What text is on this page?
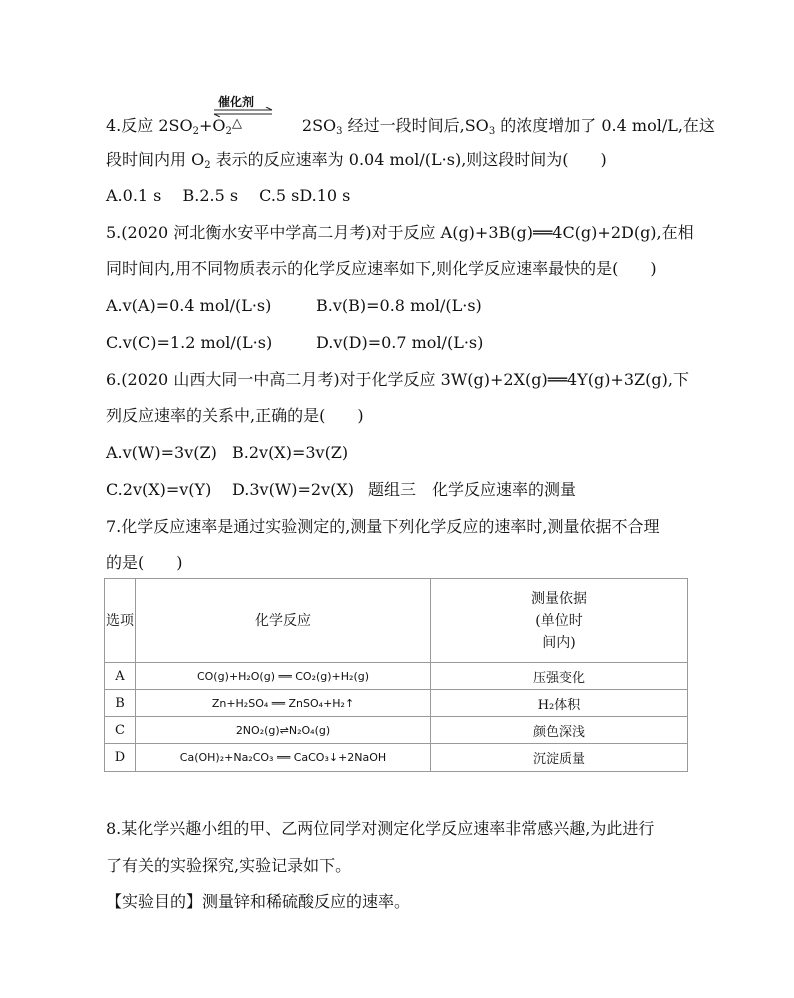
催化剂
△
4.反应 $2SO_2+O_2$	$2SO_3$ 经过一段时间后$,SO_3$ 的浓度增加了 0.4 mol/L,在这
段时间内用 $O_2$ 表示的反应速率为 0.04 mol/(L·s),则这段时间为(　　)
A.0.1 s　 B.2.5 s　 C.5 sD.10 s
5.(2020 河北衡水安平中学高二月考)对于反应 A(g)+3B(g)══4C(g)+2D(g),在相
同时间内,用不同物质表示的化学反应速率如下,则化学反应速率最快的是(　　)
A.v(A)=0.4 mol/(L·s)	B.v(B)=0.8 mol/(L·s)
C.v(C)=1.2 mol/(L·s)	D.v(D)=0.7 mol/(L·s)
6.(2020 山西大同一中高二月考)对于化学反应 3W(g)+2X(g)══4Y(g)+3Z(g),下
列反应速率的关系中,正确的是(　　)
A.v(W)=3v(Z) B.2v(X)=3v(Z)
C.2v(X)=v(Y) D.3v(W)=2v(X) 题组三　化学反应速率的测量
7.化学反应速率是通过实验测定的,测量下列化学反应的速率时,测量依据不合理
的是(　　)
选项	化学反应	测量依据
(单位时
间内)

A	CO(g)+H₂O(g) ══ CO₂(g)+H₂(g)	压强变化
B	Zn+H₂SO₄ ══ ZnSO₄+H₂↑	H₂体积
C	2NO₂(g)⇌N₂O₄(g)	颜色深浅
D	Ca(OH)₂+Na₂CO₃ ══ CaCO₃↓+2NaOH	沉淀质量
8.某化学兴趣小组的甲、乙两位同学对测定化学反应速率非常感兴趣,为此进行
了有关的实验探究,实验记录如下。
【实验目的】测量锌和稀硫酸反应的速率。
